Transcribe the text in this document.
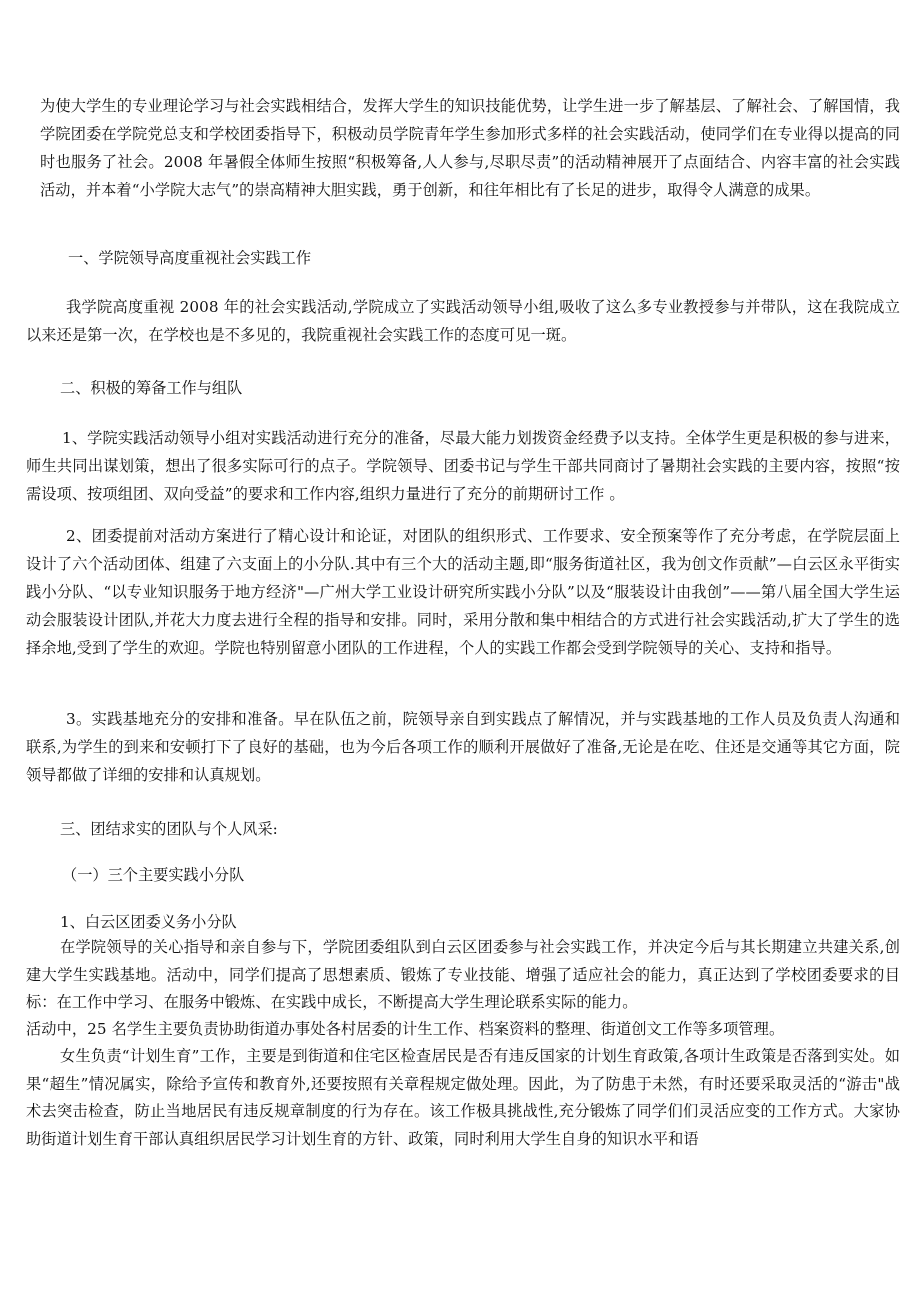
为使大学生的专业理论学习与社会实践相结合，发挥大学生的知识技能优势，让学生进一步了解基层、了解社会、了解国情，我学院团委在学院党总支和学校团委指导下，积极动员学院青年学生参加形式多样的社会实践活动，使同学们在专业得以提高的同时也服务了社会。2008 年暑假全体师生按照“积极筹备,人人参与,尽职尽责”的活动精神展开了点面结合、内容丰富的社会实践活动，并本着“小学院大志气”的崇高精神大胆实践，勇于创新，和往年相比有了长足的进步，取得令人满意的成果。

一、学院领导高度重视社会实践工作

我学院高度重视 2008 年的社会实践活动,学院成立了实践活动领导小组,吸收了这么多专业教授参与并带队，这在我院成立以来还是第一次，在学校也是不多见的，我院重视社会实践工作的态度可见一斑。

二、积极的筹备工作与组队

1、学院实践活动领导小组对实践活动进行充分的准备，尽最大能力划拨资金经费予以支持。全体学生更是积极的参与进来，师生共同出谋划策，想出了很多实际可行的点子。学院领导、团委书记与学生干部共同商讨了暑期社会实践的主要内容，按照“按需设项、按项组团、双向受益”的要求和工作内容,组织力量进行了充分的前期研讨工作 。

2、团委提前对活动方案进行了精心设计和论证，对团队的组织形式、工作要求、安全预案等作了充分考虑，在学院层面上设计了六个活动团体、组建了六支面上的小分队.其中有三个大的活动主题,即“服务街道社区，我为创文作贡献”—白云区永平街实践小分队、“以专业知识服务于地方经济"—广州大学工业设计研究所实践小分队”以及“服装设计由我创”——第八届全国大学生运动会服装设计团队,并花大力度去进行全程的指导和安排。同时，采用分散和集中相结合的方式进行社会实践活动,扩大了学生的选择余地,受到了学生的欢迎。学院也特别留意小团队的工作进程，个人的实践工作都会受到学院领导的关心、支持和指导。

3。实践基地充分的安排和准备。早在队伍之前，院领导亲自到实践点了解情况，并与实践基地的工作人员及负责人沟通和联系,为学生的到来和安顿打下了良好的基础，也为今后各项工作的顺利开展做好了准备,无论是在吃、住还是交通等其它方面，院领导都做了详细的安排和认真规划。

三、团结求实的团队与个人风采:

（一）三个主要实践小分队

1、白云区团委义务小分队

在学院领导的关心指导和亲自参与下，学院团委组队到白云区团委参与社会实践工作，并决定今后与其长期建立共建关系,创建大学生实践基地。活动中，同学们提高了思想素质、锻炼了专业技能、增强了适应社会的能力，真正达到了学校团委要求的目标：在工作中学习、在服务中锻炼、在实践中成长，不断提高大学生理论联系实际的能力。

活动中，25 名学生主要负责协助街道办事处各村居委的计生工作、档案资料的整理、街道创文工作等多项管理。

女生负责“计划生育”工作，主要是到街道和住宅区检查居民是否有违反国家的计划生育政策,各项计生政策是否落到实处。如果“超生”情况属实，除给予宣传和教育外,还要按照有关章程规定做处理。因此，为了防患于未然，有时还要采取灵活的“游击"战术去突击检查，防止当地居民有违反规章制度的行为存在。该工作极具挑战性,充分锻炼了同学们们灵活应变的工作方式。大家协助街道计划生育干部认真组织居民学习计划生育的方针、政策，同时利用大学生自身的知识水平和语
